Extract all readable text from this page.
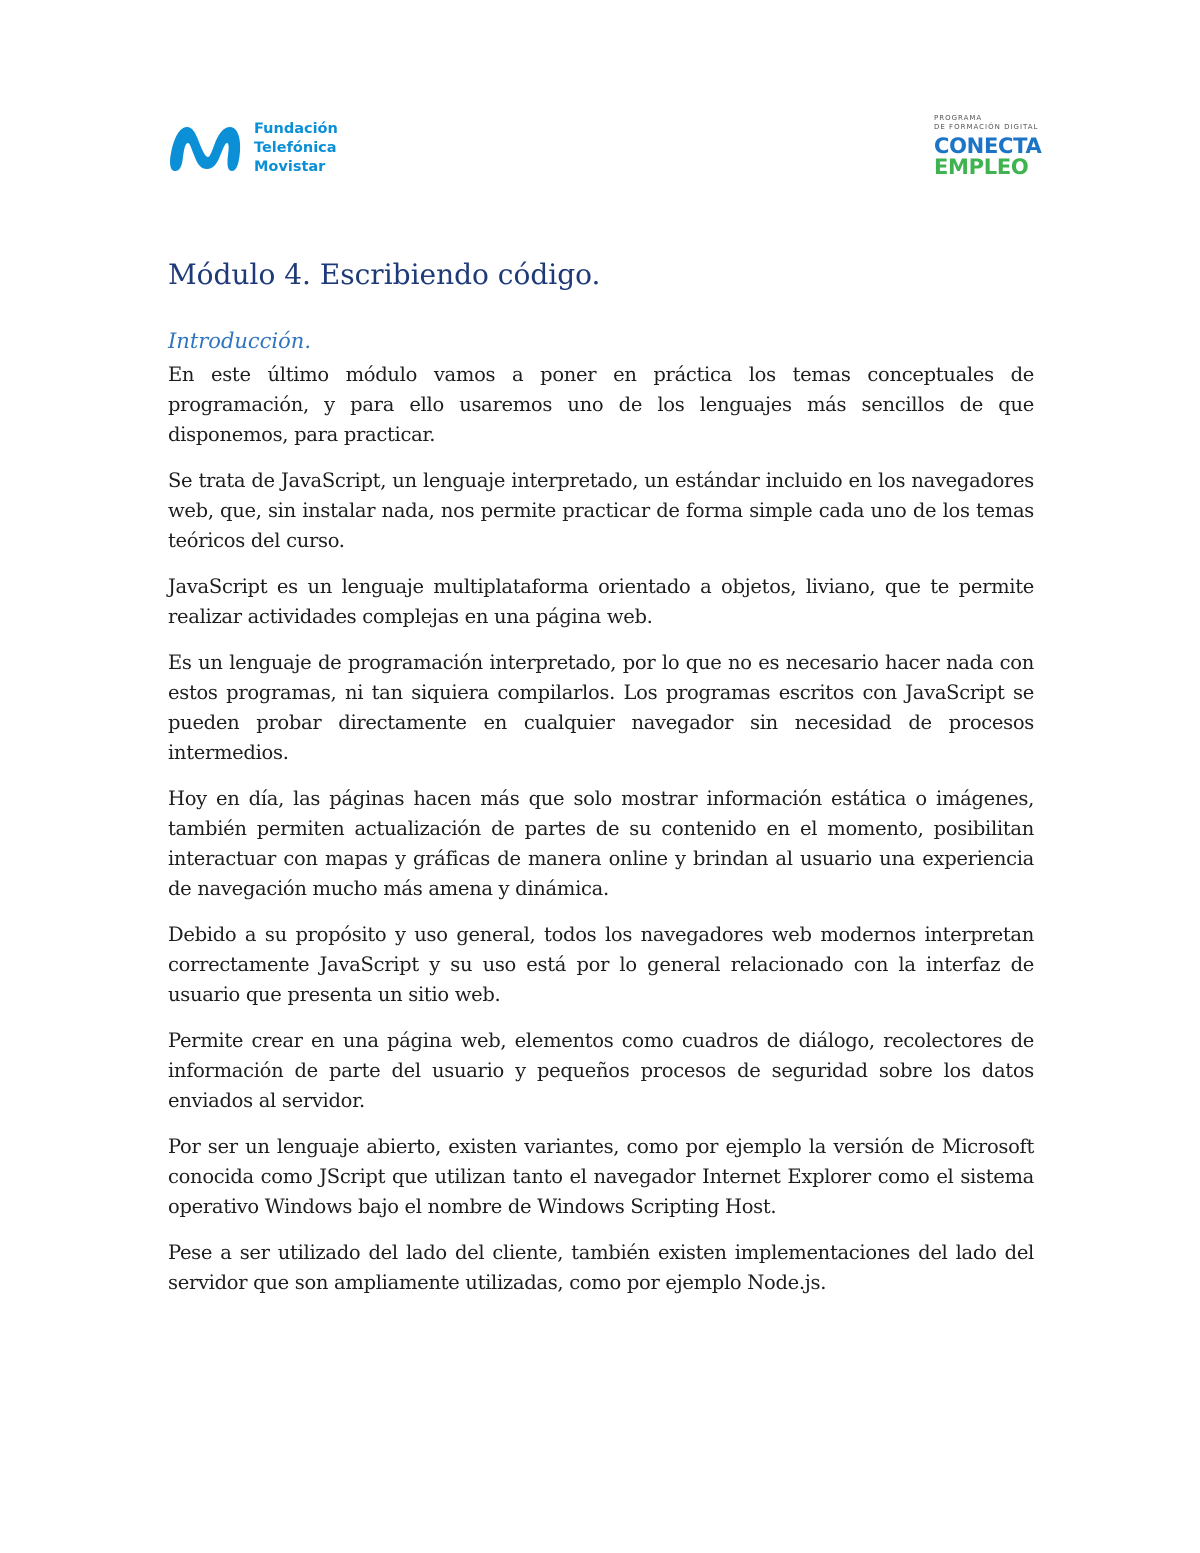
Fundación
Telefónica
Movistar
PROGRAMA
DE FORMACIÓN DIGITAL
CONECTA
EMPLEO
Módulo 4. Escribiendo código.
Introducción.

En este último módulo vamos a poner en práctica los temas conceptuales de programación, y para ello usaremos uno de los lenguajes más sencillos de que disponemos, para practicar.

Se trata de JavaScript, un lenguaje interpretado, un estándar incluido en los navegadores web, que, sin instalar nada, nos permite practicar de forma simple cada uno de los temas teóricos del curso.

JavaScript es un lenguaje multiplataforma orientado a objetos, liviano, que te permite realizar actividades complejas en una página web.

Es un lenguaje de programación interpretado, por lo que no es necesario hacer nada con estos programas, ni tan siquiera compilarlos. Los programas escritos con JavaScript se pueden probar directamente en cualquier navegador sin necesidad de procesos intermedios.

Hoy en día, las páginas hacen más que solo mostrar información estática o imágenes, también permiten actualización de partes de su contenido en el momento, posibilitan interactuar con mapas y gráficas de manera online y brindan al usuario una experiencia de navegación mucho más amena y dinámica.

Debido a su propósito y uso general, todos los navegadores web modernos interpretan correctamente JavaScript y su uso está por lo general relacionado con la interfaz de usuario que presenta un sitio web.

Permite crear en una página web, elementos como cuadros de diálogo, recolectores de información de parte del usuario y pequeños procesos de seguridad sobre los datos enviados al servidor.

Por ser un lenguaje abierto, existen variantes, como por ejemplo la versión de Microsoft conocida como JScript que utilizan tanto el navegador Internet Explorer como el sistema operativo Windows bajo el nombre de Windows Scripting Host.

Pese a ser utilizado del lado del cliente, también existen implementaciones del lado del servidor que son ampliamente utilizadas, como por ejemplo Node.js.
